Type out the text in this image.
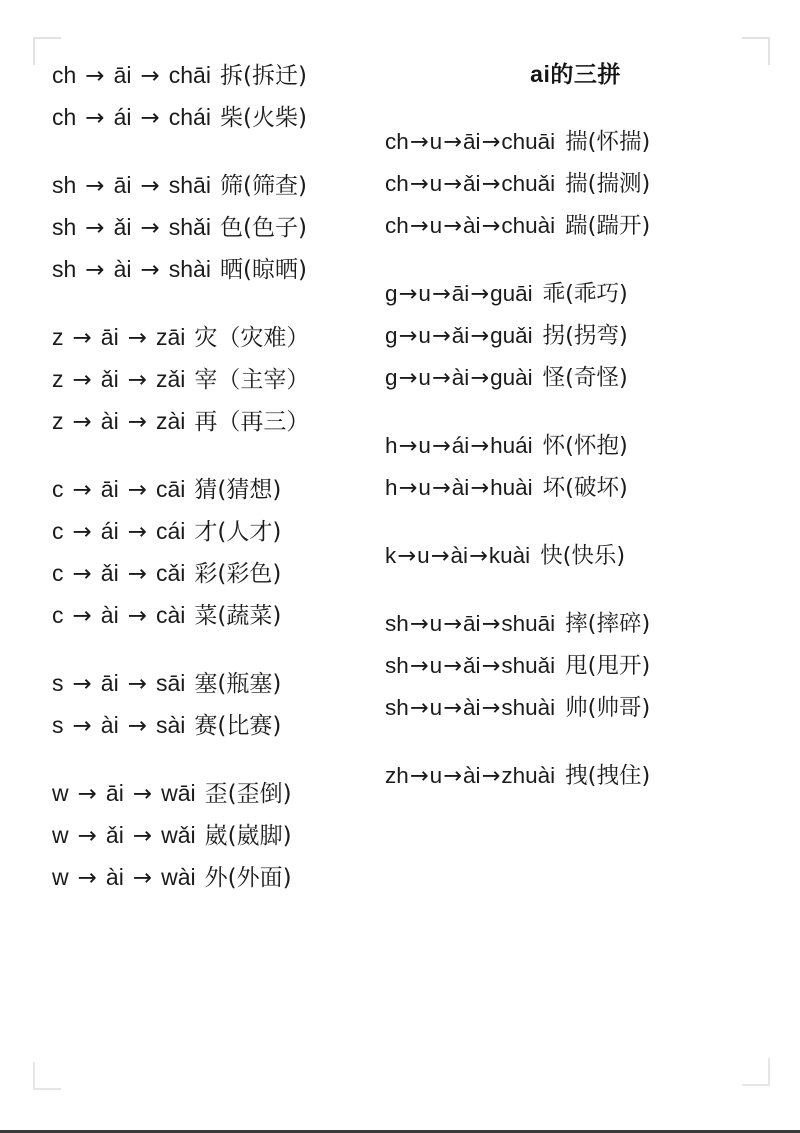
ch → āi → chāi 拆(拆迁)
ch → ái → chái 柴(火柴)
sh → āi → shāi 筛(筛查)
sh → ǎi → shǎi 色(色子)
sh → ài → shài 晒(晾晒)
z → āi → zāi 灾（灾难）
z → ǎi → zǎi 宰（主宰）
z → ài → zài 再（再三）
c → āi → cāi 猜(猜想)
c → ái → cái 才(人才)
c → ǎi → cǎi 彩(彩色)
c → ài → cài 菜(蔬菜)
s → āi → sāi 塞(瓶塞)
s → ài → sài 赛(比赛)
w → āi → wāi 歪(歪倒)
w → ǎi → wǎi 崴(崴脚)
w → ài → wài 外(外面)
ai的三拼
ch→u→āi→chuāi 揣(怀揣)
ch→u→ǎi→chuǎi 揣(揣测)
ch→u→ài→chuài 踹(踹开)
g→u→āi→guāi 乖(乖巧)
g→u→ǎi→guǎi 拐(拐弯)
g→u→ài→guài 怪(奇怪)
h→u→ái→huái 怀(怀抱)
h→u→ài→huài 坏(破坏)
k→u→ài→kuài 快(快乐)
sh→u→āi→shuāi 摔(摔碎)
sh→u→ǎi→shuǎi 甩(甩开)
sh→u→ài→shuài 帅(帅哥)
zh→u→ài→zhuài 拽(拽住)
